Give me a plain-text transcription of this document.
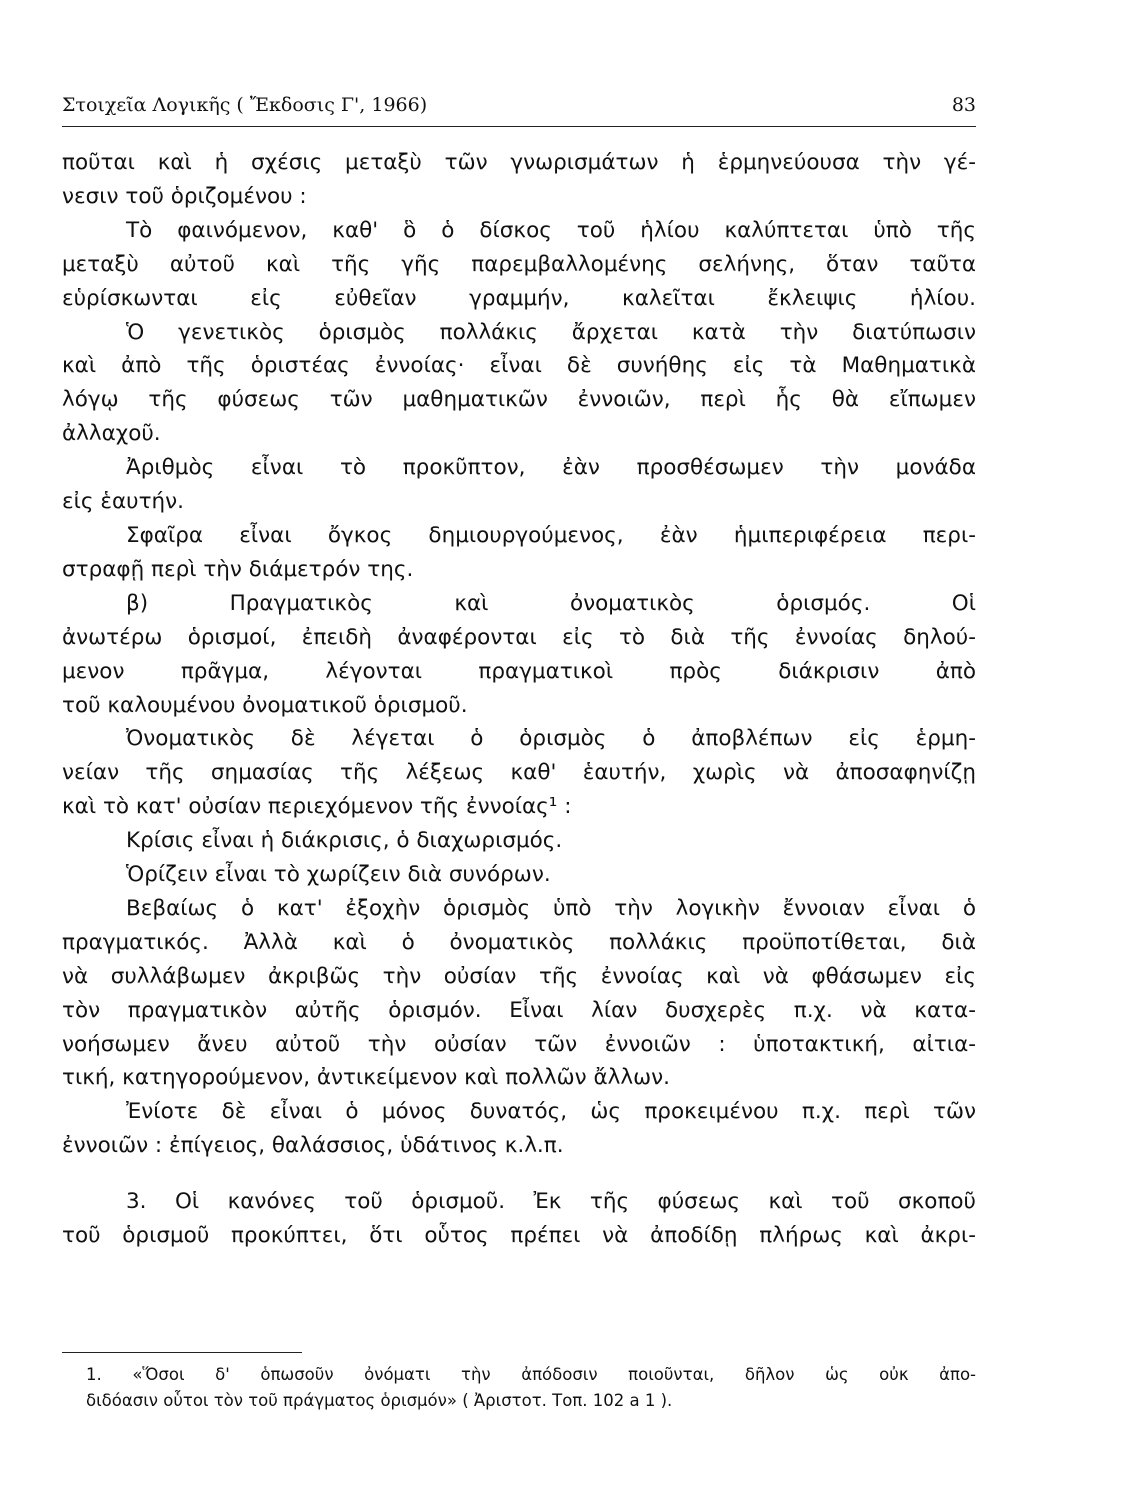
Στοιχεῖα Λογικῆς ( Ἔκδοσις Γ', 1966)	83
ποῦται καὶ ἡ σχέσις μεταξὺ τῶν γνωρισμάτων ἡ ἑρμηνεύουσα τὴν γέ-
νεσιν τοῦ ὁριζομένου :
Τὸ φαινόμενον, καθ' ὃ ὁ δίσκος τοῦ ἡλίου καλύπτεται ὑπὸ τῆς
μεταξὺ αὐτοῦ καὶ τῆς γῆς παρεμβαλλομένης σελήνης, ὅταν ταῦτα
εὑρίσκωνται εἰς εὐθεῖαν γραμμήν, καλεῖται ἔκλειψις ἡλίου.
Ὁ γενετικὸς ὁρισμὸς πολλάκις ἄρχεται κατὰ τὴν διατύπωσιν
καὶ ἀπὸ τῆς ὁριστέας ἐννοίας· εἶναι δὲ συνήθης εἰς τὰ Μαθηματικὰ
λόγῳ τῆς φύσεως τῶν μαθηματικῶν ἐννοιῶν, περὶ ἧς θὰ εἴπωμεν
ἀλλαχοῦ.
Ἀριθμὸς εἶναι τὸ προκῦπτον, ἐὰν προσθέσωμεν τὴν μονάδα
εἰς ἑαυτήν.
Σφαῖρα εἶναι ὄγκος δημιουργούμενος, ἐὰν ἡμιπεριφέρεια περι-
στραφῇ περὶ τὴν διάμετρόν της.
β) Πραγματικὸς καὶ ὀνοματικὸς ὁρισμός. Οἱ
ἀνωτέρω ὁρισμοί, ἐπειδὴ ἀναφέρονται εἰς τὸ διὰ τῆς ἐννοίας δηλού-
μενον πρᾶγμα, λέγονται πραγματικοὶ πρὸς διάκρισιν ἀπὸ
τοῦ καλουμένου ὀνοματικοῦ ὁρισμοῦ.
Ὀνοματικὸς δὲ λέγεται ὁ ὁρισμὸς ὁ ἀποβλέπων εἰς ἑρμη-
νείαν τῆς σημασίας τῆς λέξεως καθ' ἑαυτήν, χωρὶς νὰ ἀποσαφηνίζῃ
καὶ τὸ κατ' οὐσίαν περιεχόμενον τῆς ἐννοίας¹ :
Κρίσις εἶναι ἡ διάκρισις, ὁ διαχωρισμός.
Ὁρίζειν εἶναι τὸ χωρίζειν διὰ συνόρων.
Βεβαίως ὁ κατ' ἐξοχὴν ὁρισμὸς ὑπὸ τὴν λογικὴν ἔννοιαν εἶναι ὁ
πραγματικός. Ἀλλὰ καὶ ὁ ὀνοματικὸς πολλάκις προϋποτίθεται, διὰ
νὰ συλλάβωμεν ἀκριβῶς τὴν οὐσίαν τῆς ἐννοίας καὶ νὰ φθάσωμεν εἰς
τὸν πραγματικὸν αὐτῆς ὁρισμόν. Εἶναι λίαν δυσχερὲς π.χ. νὰ κατα-
νοήσωμεν ἄνευ αὐτοῦ τὴν οὐσίαν τῶν ἐννοιῶν : ὑποτακτική, αἰτια-
τική, κατηγορούμενον, ἀντικείμενον καὶ πολλῶν ἄλλων.
Ἐνίοτε δὲ εἶναι ὁ μόνος δυνατός, ὡς προκειμένου π.χ. περὶ τῶν
ἐννοιῶν : ἐπίγειος, θαλάσσιος, ὑδάτινος κ.λ.π.
3. Οἱ κανόνες τοῦ ὁρισμοῦ. Ἐκ τῆς φύσεως καὶ τοῦ σκοποῦ
τοῦ ὁρισμοῦ προκύπτει, ὅτι οὗτος πρέπει νὰ ἀποδίδῃ πλήρως καὶ ἀκρι-
1. «Ὅσοι δ' ὁπωσοῦν ὀνόματι τὴν ἀπόδοσιν ποιοῦνται, δῆλον ὡς οὐκ ἀπο-
διδόασιν οὗτοι τὸν τοῦ πράγματος ὁρισμόν» ( Ἀριστοτ. Τοπ. 102 a 1 ).
